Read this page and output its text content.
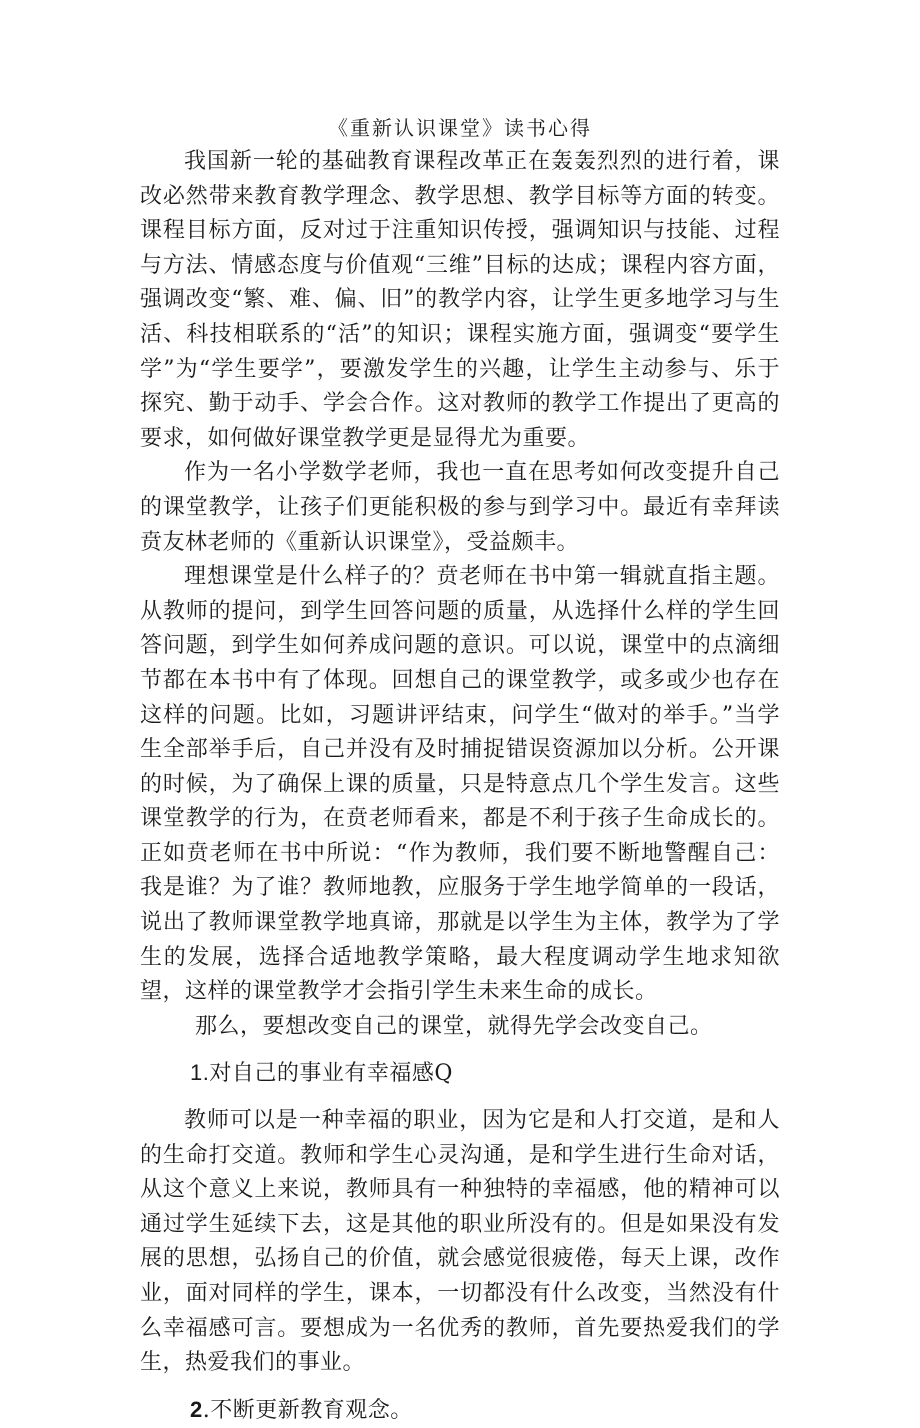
《重新认识课堂》读书心得

我国新一轮的基础教育课程改革正在轰轰烈烈的进行着，课改必然带来教育教学理念、教学思想、教学目标等方面的转变。课程目标方面，反对过于注重知识传授，强调知识与技能、过程与方法、情感态度与价值观“三维”目标的达成；课程内容方面，强调改变“繁、难、偏、旧”的教学内容，让学生更多地学习与生活、科技相联系的“活”的知识；课程实施方面，强调变“要学生学”为“学生要学”，要激发学生的兴趣，让学生主动参与、乐于探究、勤于动手、学会合作。这对教师的教学工作提出了更高的要求，如何做好课堂教学更是显得尤为重要。

作为一名小学数学老师，我也一直在思考如何改变提升自己的课堂教学，让孩子们更能积极的参与到学习中。最近有幸拜读贲友林老师的《重新认识课堂》，受益颇丰。

理想课堂是什么样子的？贲老师在书中第一辑就直指主题。从教师的提问，到学生回答问题的质量，从选择什么样的学生回答问题，到学生如何养成问题的意识。可以说，课堂中的点滴细节都在本书中有了体现。回想自己的课堂教学，或多或少也存在这样的问题。比如，习题讲评结束，问学生“做对的举手。”当学生全部举手后，自己并没有及时捕捉错误资源加以分析。公开课的时候，为了确保上课的质量，只是特意点几个学生发言。这些课堂教学的行为，在贲老师看来，都是不利于孩子生命成长的。正如贲老师在书中所说：“作为教师，我们要不断地警醒自己：我是谁？为了谁？教师地教，应服务于学生地学简单的一段话，说出了教师课堂教学地真谛，那就是以学生为主体，教学为了学生的发展，选择合适地教学策略，最大程度调动学生地求知欲望，这样的课堂教学才会指引学生未来生命的成长。

那么，要想改变自己的课堂，就得先学会改变自己。

1.对自己的事业有幸福感Q

教师可以是一种幸福的职业，因为它是和人打交道，是和人的生命打交道。教师和学生心灵沟通，是和学生进行生命对话，从这个意义上来说，教师具有一种独特的幸福感，他的精神可以通过学生延续下去，这是其他的职业所没有的。但是如果没有发展的思想，弘扬自己的价值，就会感觉很疲倦，每天上课，改作业，面对同样的学生，课本，一切都没有什么改变，当然没有什么幸福感可言。要想成为一名优秀的教师，首先要热爱我们的学生，热爱我们的事业。

2.不断更新教育观念。
